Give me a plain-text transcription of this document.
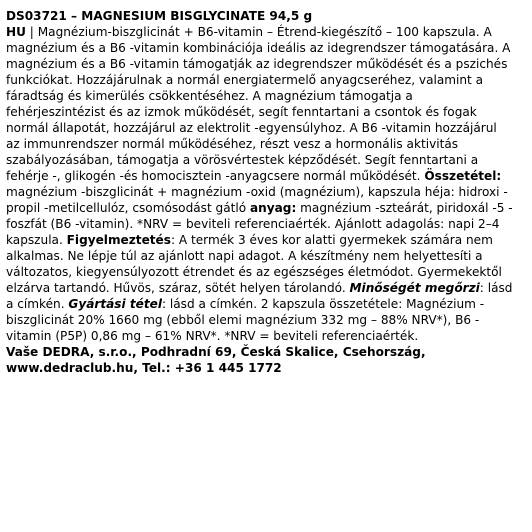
DS03721 – MAGNESIUM BISGLYCINATE 94,5 g

HU | Magnézium-biszglicinát + B6-vitamin – Étrend-kiegészítő – 100 kapszula. A magnézium és a B6 -vitamin kombinációja ideális az idegrendszer támogatására. A magnézium és a B6 -vitamin támogatják az idegrendszer működését és a pszichés funkciókat. Hozzájárulnak a normál energiatermelő anyagcseréhez, valamint a fáradtság és kimerülés csökkentéséhez. A magnézium támogatja a fehérjeszintézist és az izmok működését, segít fenntartani a csontok és fogak normál állapotát, hozzájárul az elektrolit -egyensúlyhoz. A B6 -vitamin hozzájárul az immunrendszer normál működéséhez, részt vesz a hormonális aktivitás szabályozásában, támogatja a vörösvértestek képződését. Segít fenntartani a fehérje -, glikogén -és homocisztein -anyagcsere normál működését. Összetétel: magnézium -biszglicinát + magnézium -oxid (magnézium), kapszula héja: hidroxi -propil -metilcellulóz, csomósodást gátló anyag: magnézium -szteárát, piridoxál -5 -foszfát (B6 -vitamin). *NRV = beviteli referenciaérték. Ajánlott adagolás: napi 2–4 kapszula. Figyelmeztetés: A termék 3 éves kor alatti gyermekek számára nem alkalmas. Ne lépje túl az ajánlott napi adagot. A készítmény nem helyettesíti a változatos, kiegyensúlyozott étrendet és az egészséges életmódot. Gyermekektől elzárva tartandó. Hűvös, száraz, sötét helyen tárolandó. Minőségét megőrzi: lásd a címkén. Gyártási tétel: lásd a címkén. 2 kapszula összetétele: Magnézium -biszglicinát 20% 1660 mg (ebből elemi magnézium 332 mg – 88% NRV*), B6 -vitamin (P5P) 0,86 mg – 61% NRV*. *NRV = beviteli referenciaérték.

Vaše DEDRA, s.r.o., Podhradní 69, Česká Skalice, Csehország,

www.dedraclub.hu, Tel.: +36 1 445 1772
